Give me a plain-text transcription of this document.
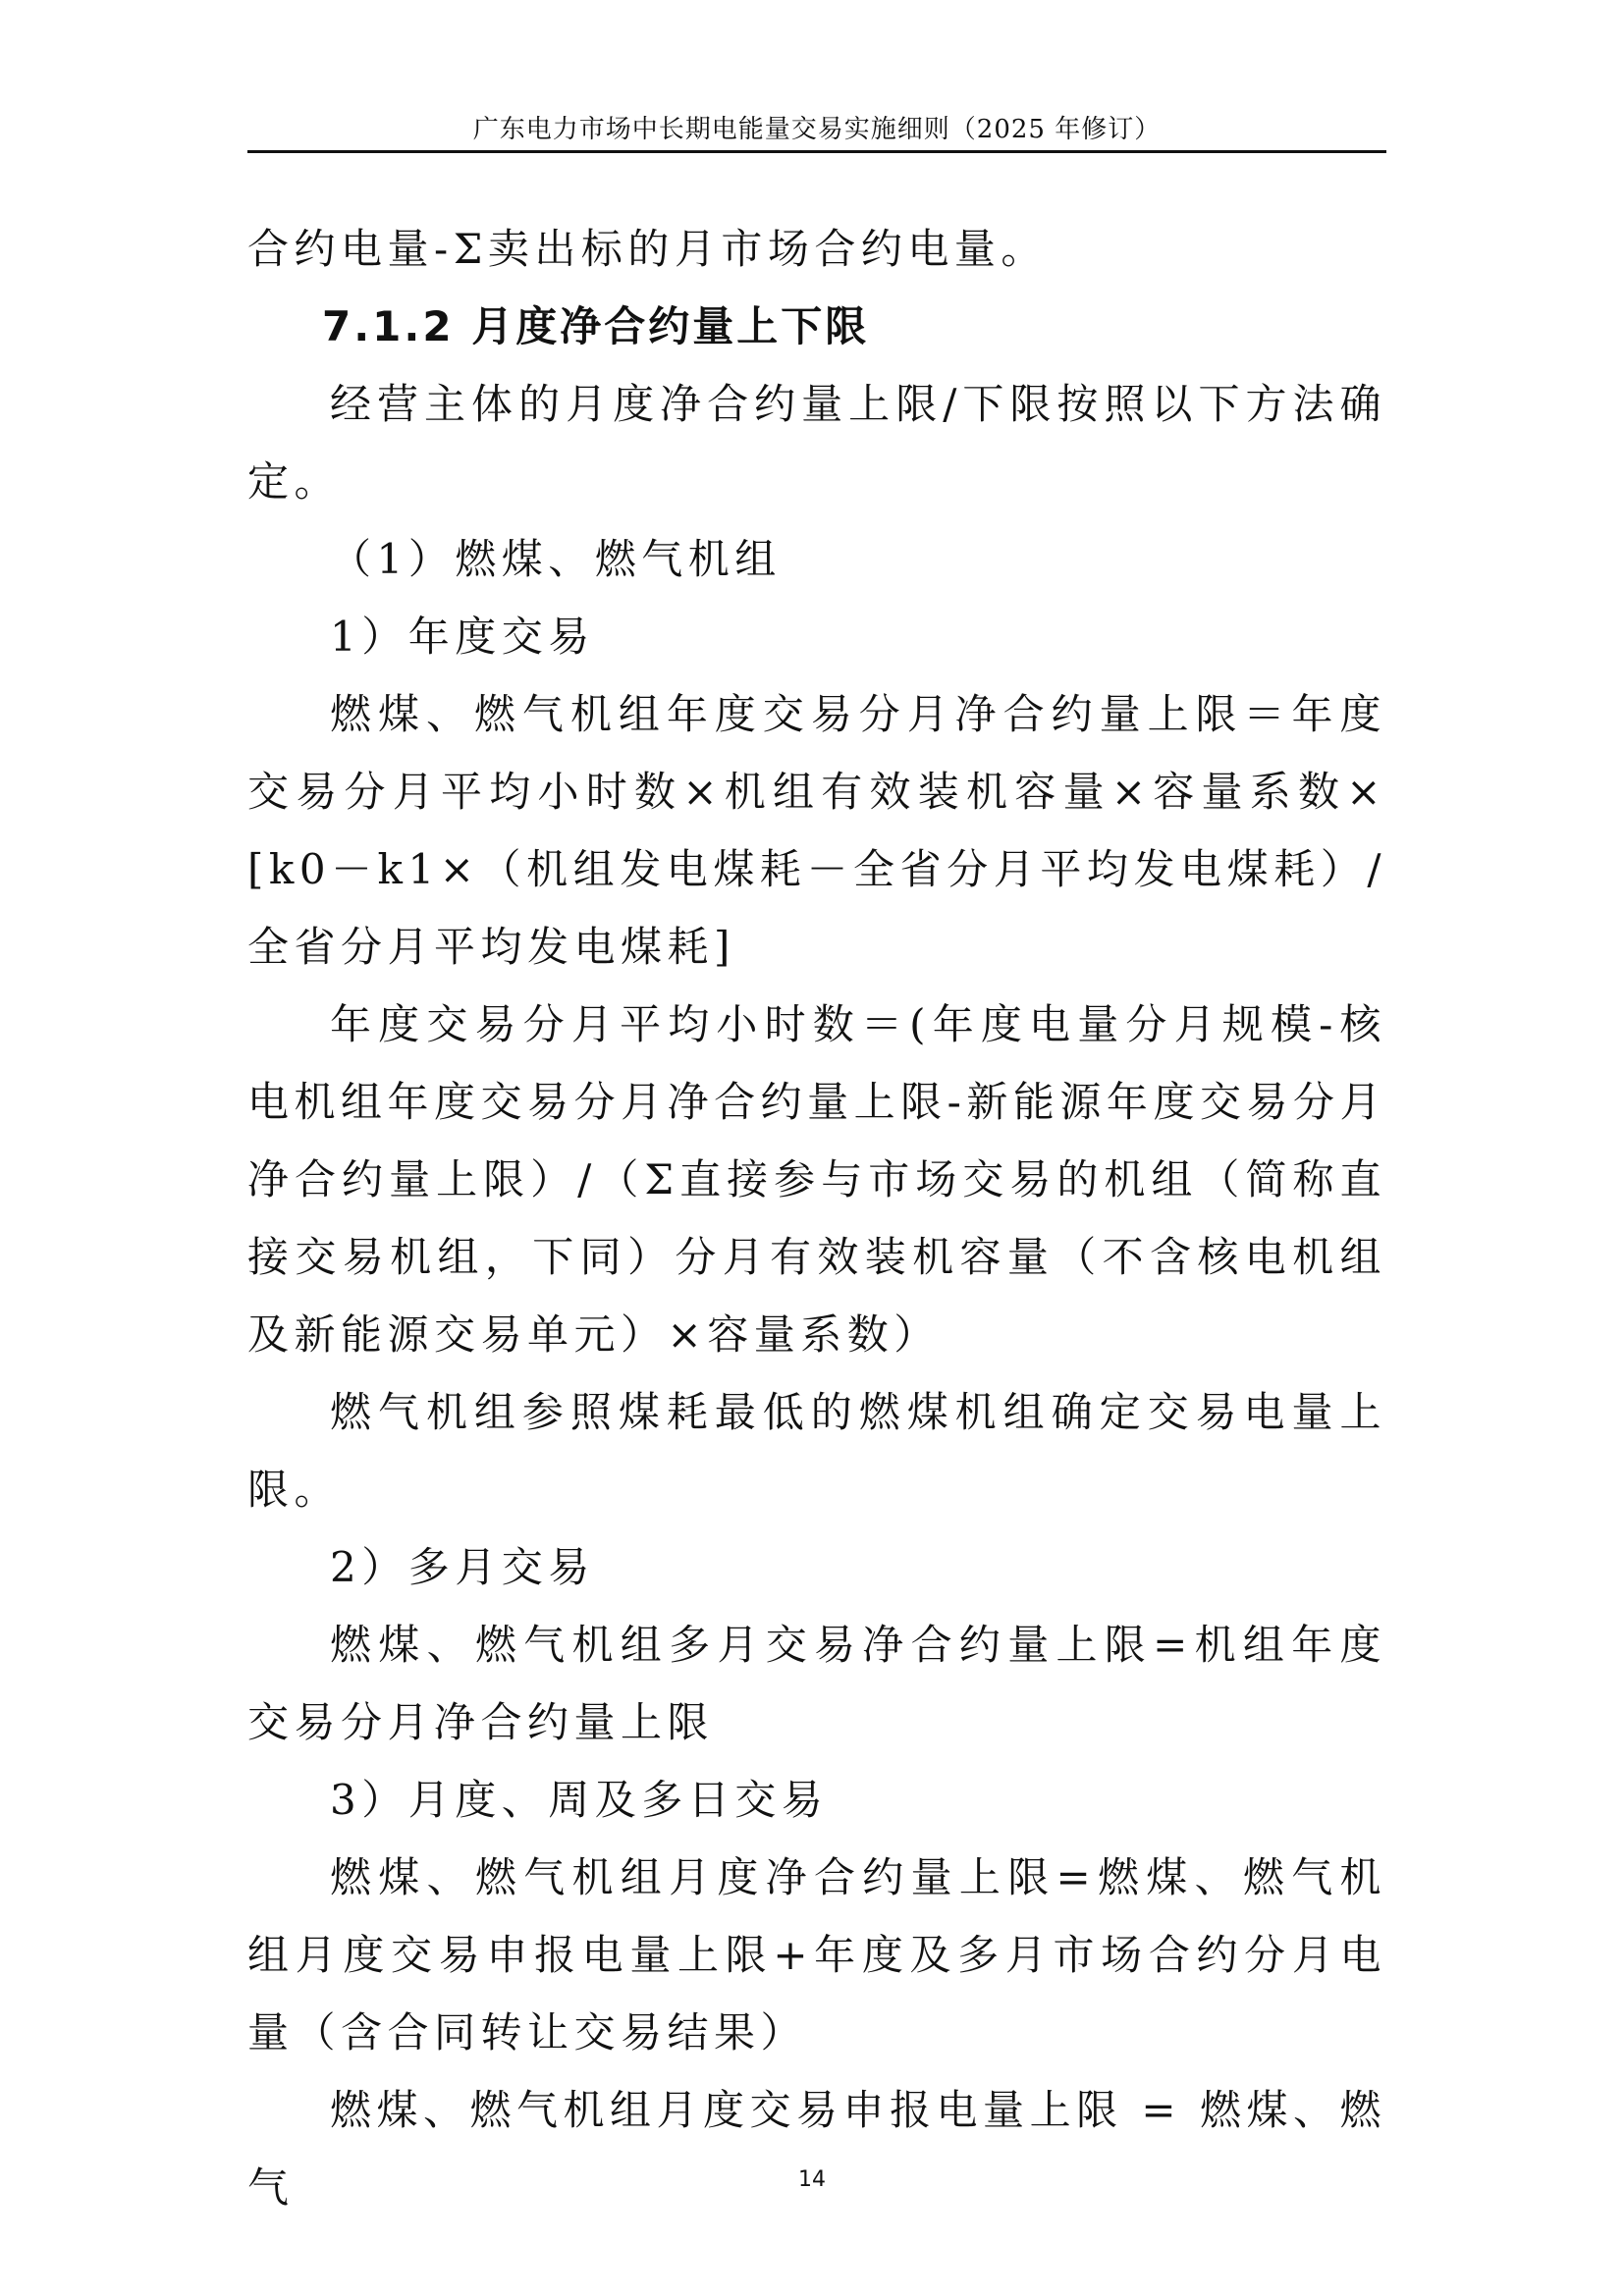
广东电力市场中长期电能量交易实施细则（2025 年修订）

合约电量-Σ卖出标的月市场合约电量。

7.1.2 月度净合约量上下限

经营主体的月度净合约量上限/下限按照以下方法确定。

（1）燃煤、燃气机组

1）年度交易

燃煤、燃气机组年度交易分月净合约量上限＝年度交易分月平均小时数×机组有效装机容量×容量系数×[k0－k1×（机组发电煤耗－全省分月平均发电煤耗）/全省分月平均发电煤耗]

年度交易分月平均小时数＝(年度电量分月规模-核电机组年度交易分月净合约量上限-新能源年度交易分月净合约量上限）/（Σ直接参与市场交易的机组（简称直接交易机组，下同）分月有效装机容量（不含核电机组及新能源交易单元）×容量系数）

燃气机组参照煤耗最低的燃煤机组确定交易电量上限。

2）多月交易

燃煤、燃气机组多月交易净合约量上限=机组年度交易分月净合约量上限

3）月度、周及多日交易

燃煤、燃气机组月度净合约量上限=燃煤、燃气机组月度交易申报电量上限+年度及多月市场合约分月电量（含合同转让交易结果）

燃煤、燃气机组月度交易申报电量上限 = 燃煤、燃气	14
